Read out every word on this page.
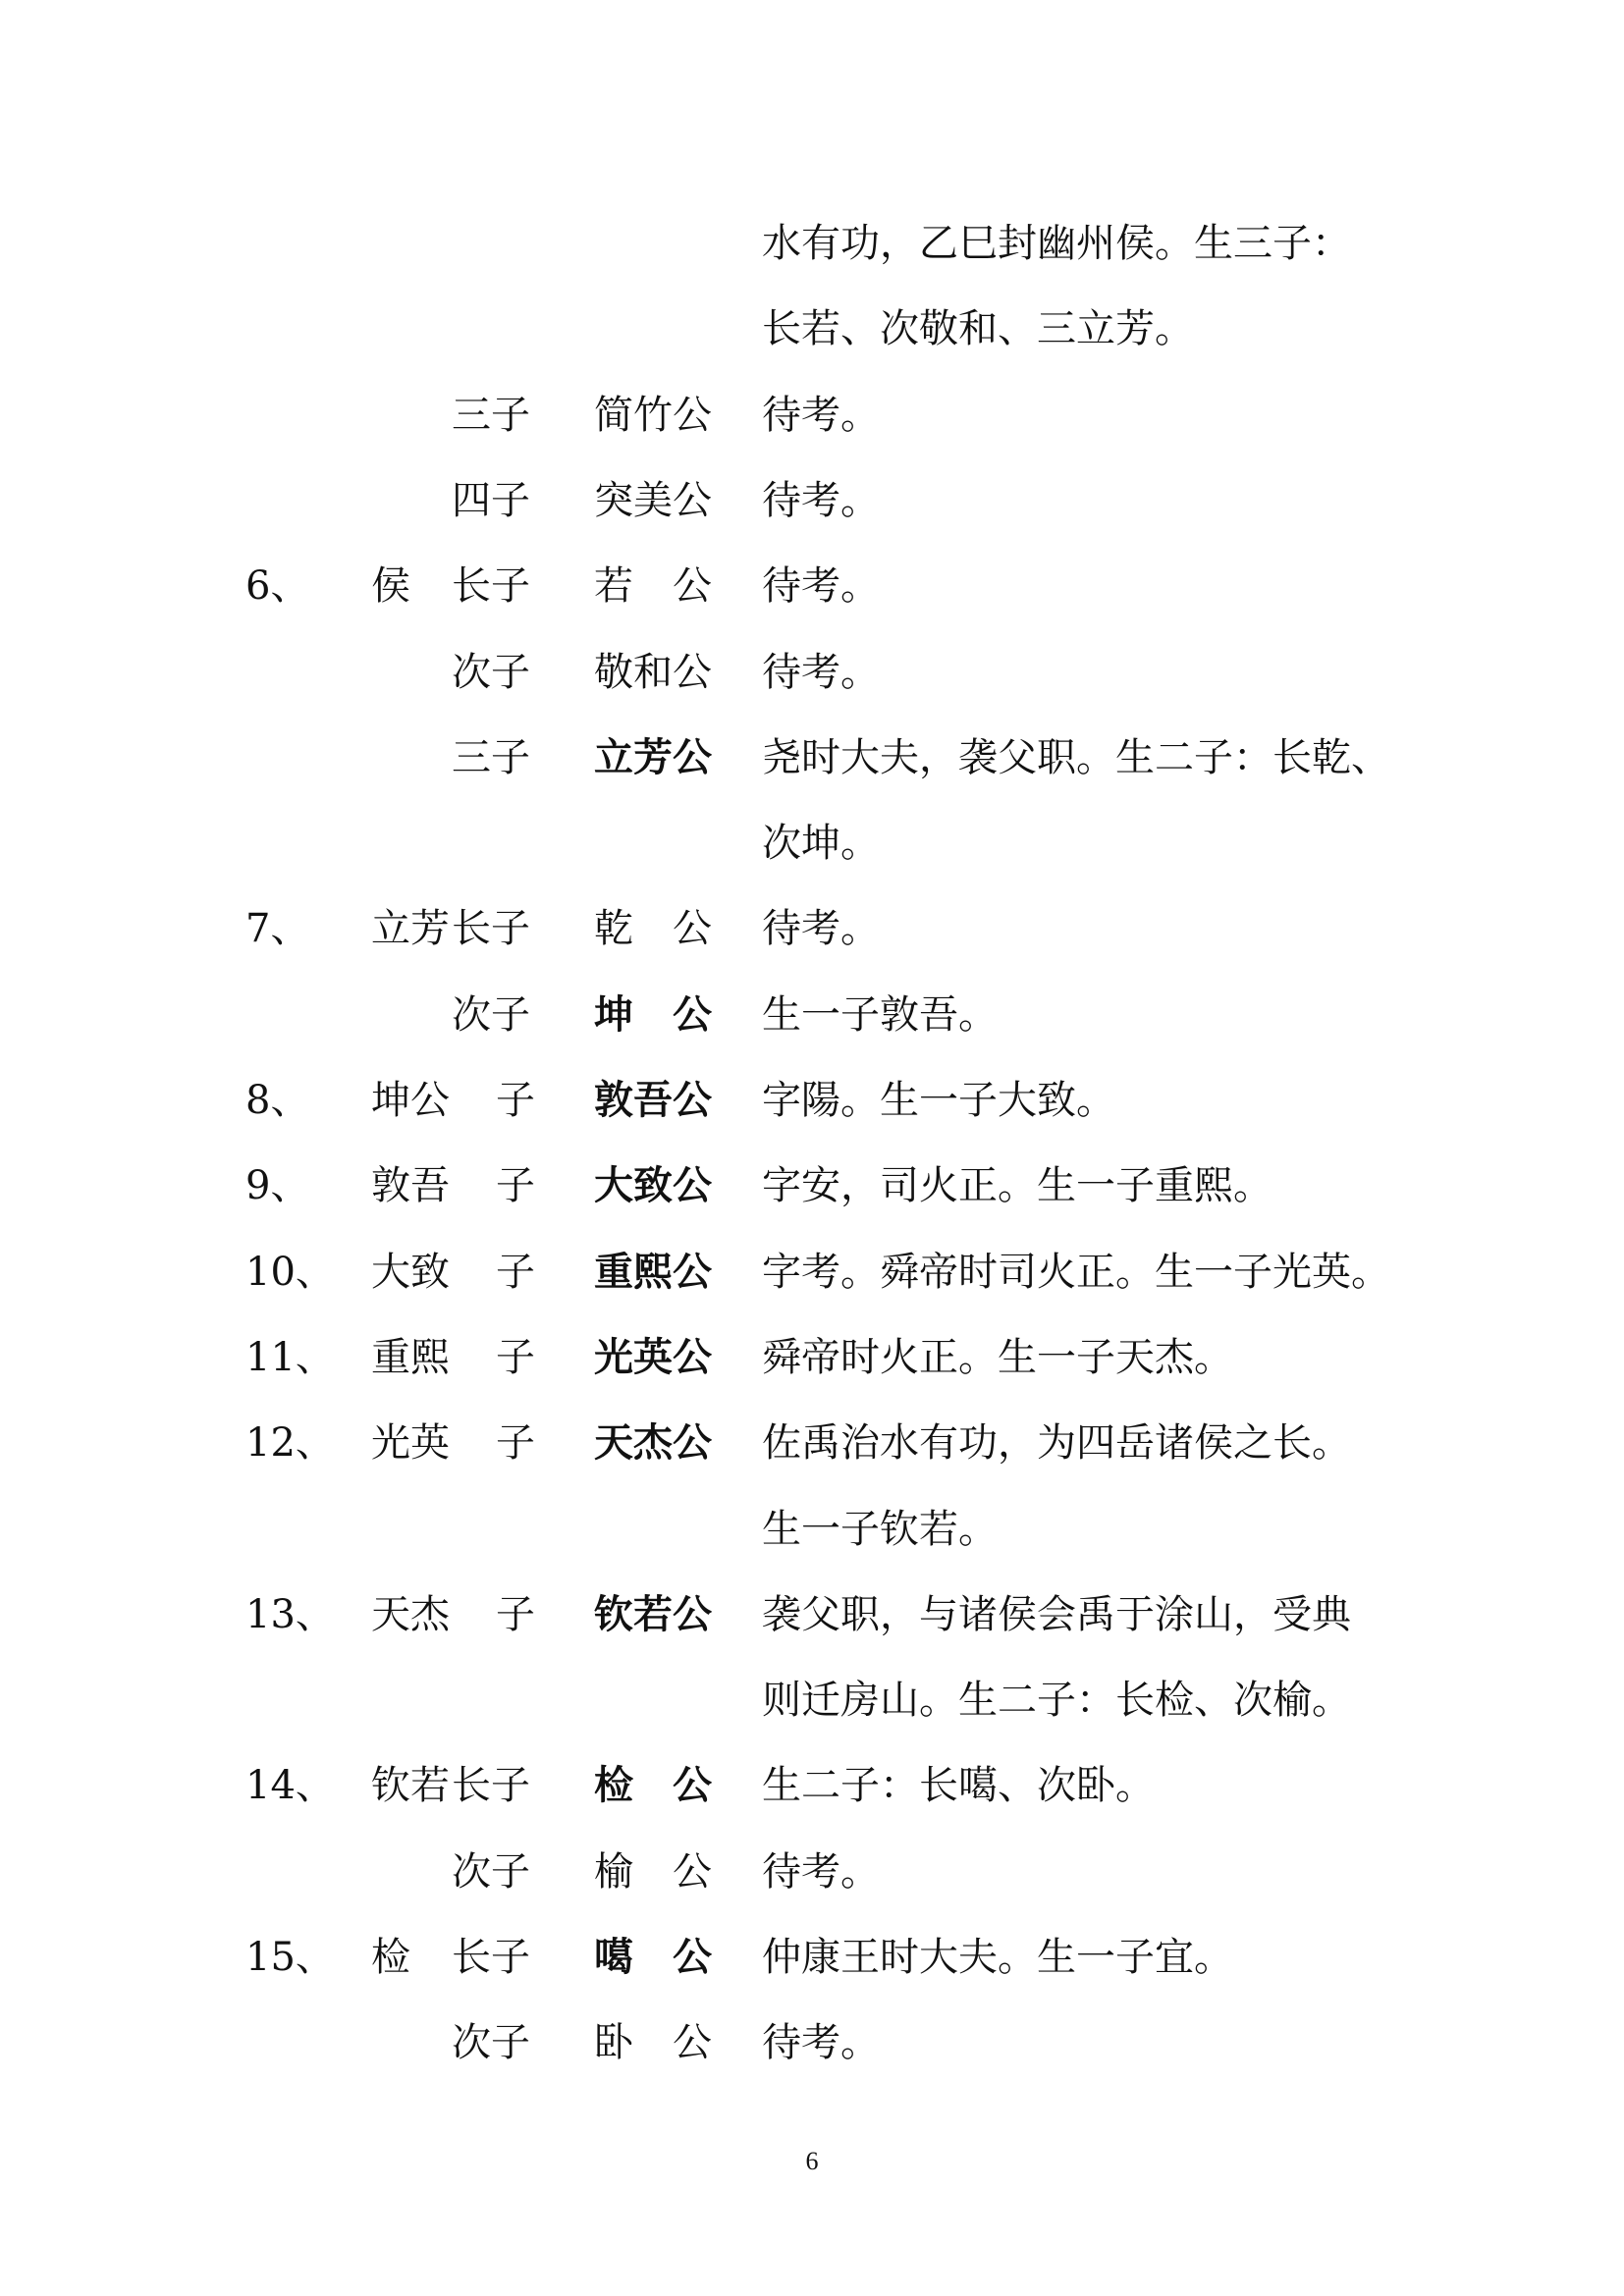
水有功，乙巳封幽州侯。生三子：
长若、次敬和、三立芳。
三子 简竹公 待考。
四子 突美公 待考。
6、 侯 长子 若　公 待考。
次子 敬和公 待考。
三子 立芳公 尧时大夫，袭父职。生二子：长乾、
次坤。
7、 立芳 长子 乾　公 待考。
次子 坤　公 生一子敦吾。
8、 坤公 子 敦吾公 字陽。生一子大致。
9、 敦吾 子 大致公 字安，司火正。生一子重熙。
10、 大致 子 重熙公 字考。舜帝时司火正。生一子光英。
11、 重熙 子 光英公 舜帝时火正。生一子天杰。
12、 光英 子 天杰公 佐禹治水有功，为四岳诸侯之长。
生一子钦若。
13、 天杰 子 钦若公 袭父职，与诸侯会禹于涂山，受典
则迁房山。生二子：长检、次榆。
14、 钦若 长子 检　公 生二子：长噶、次卧。
次子 榆　公 待考。
15、 检 长子 噶　公 仲康王时大夫。生一子宜。
次子 卧　公 待考。
6
